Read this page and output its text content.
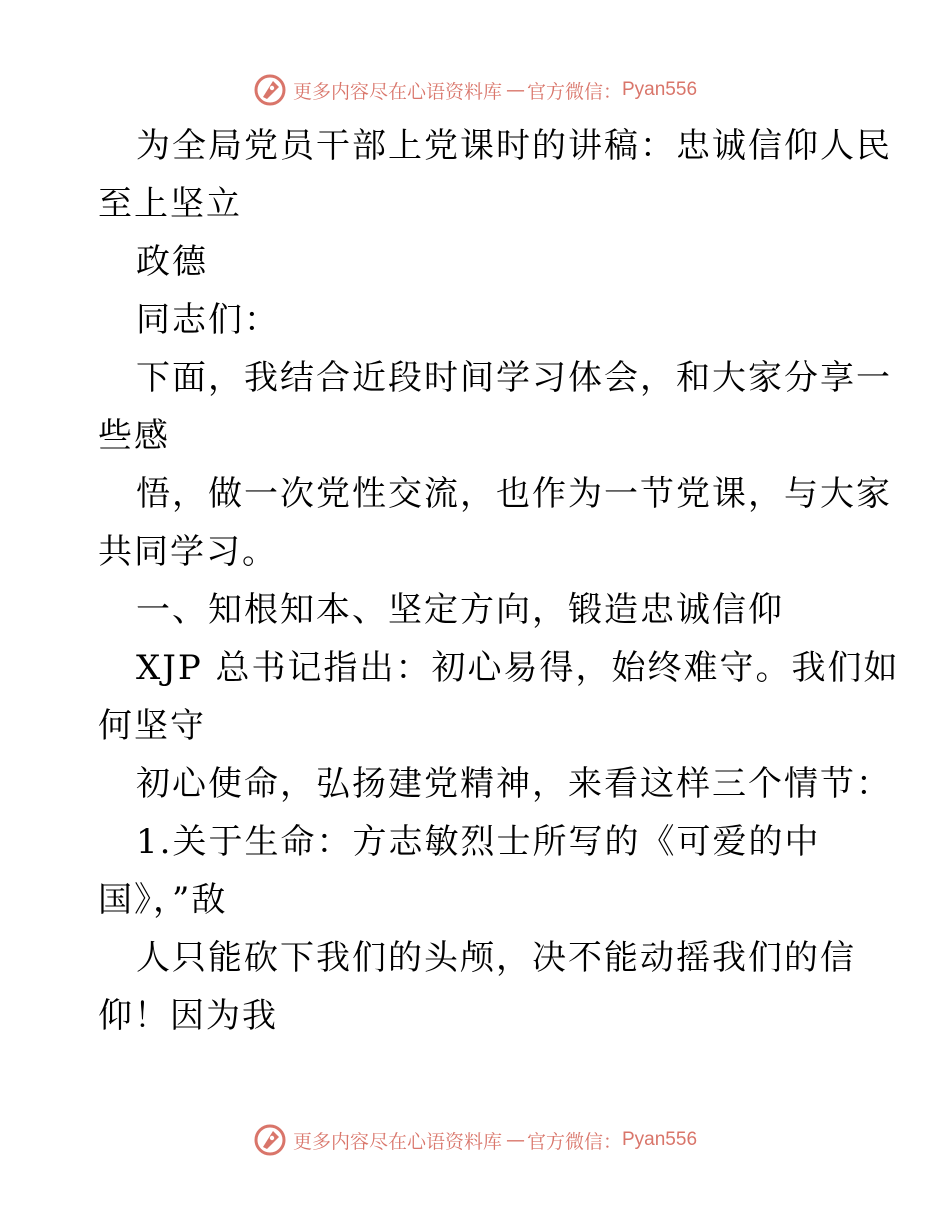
更多内容尽在心语资料库 — 官方微信： Pyan556
为全局党员干部上党课时的讲稿：忠诚信仰人民
至上坚立
政德
同志们：
下面，我结合近段时间学习体会，和大家分享一
些感
悟，做一次党性交流，也作为一节党课，与大家
共同学习。
一、知根知本、坚定方向，锻造忠诚信仰
XJP 总书记指出：初心易得，始终难守。我们如
何坚守
初心使命，弘扬建党精神，来看这样三个情节：
1.关于生命：方志敏烈士所写的《可爱的中
国》，”敌
人只能砍下我们的头颅，决不能动摇我们的信
仰！因为我
更多内容尽在心语资料库 — 官方微信： Pyan556
